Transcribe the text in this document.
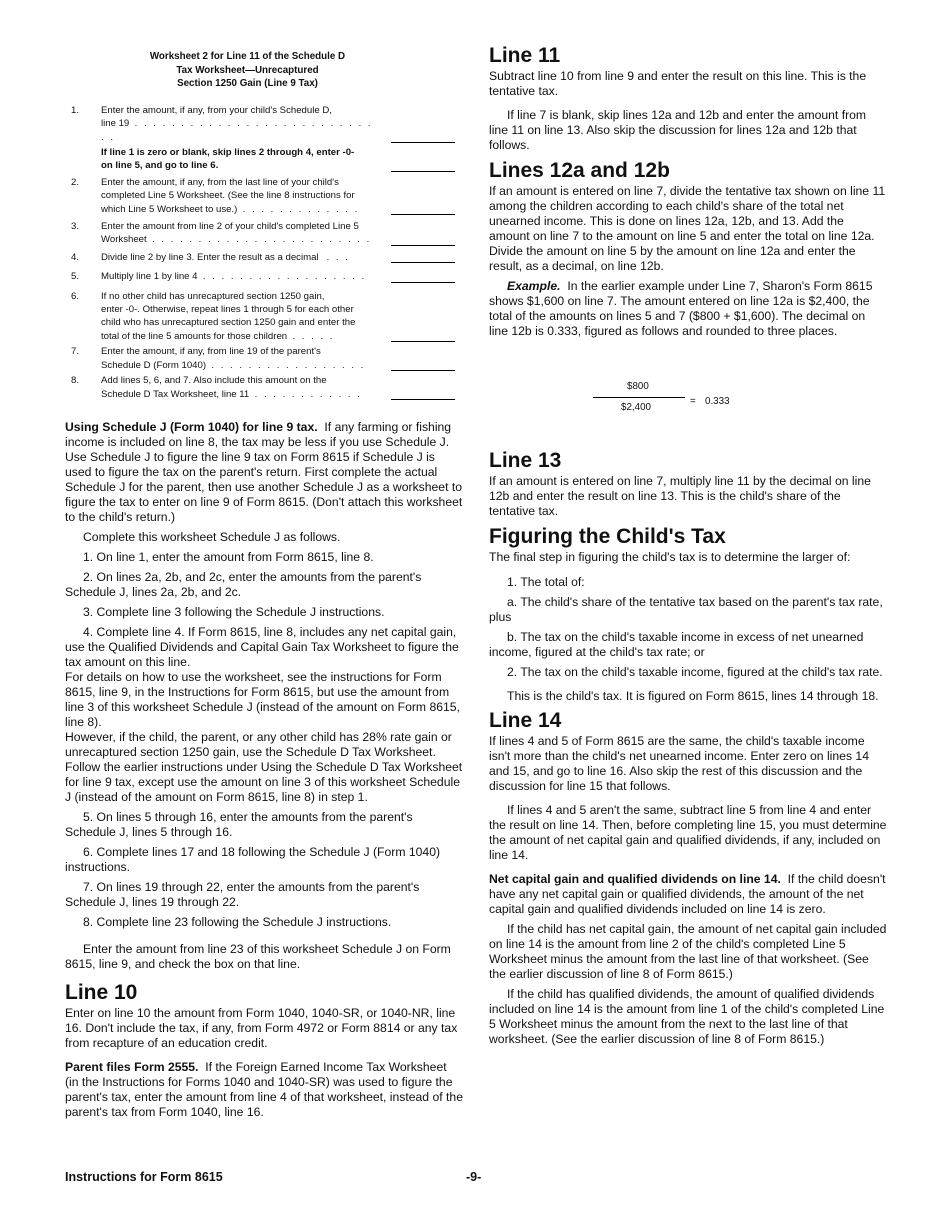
Worksheet 2 for Line 11 of the Schedule D
Tax Worksheet—Unrecaptured
Section 1250 Gain (Line 9 Tax)
1. Enter the amount, if any, from your child's Schedule D,
line 19 . . . . . . . . . . . . . . . . . . . . . . . . . . . .
If line 1 is zero or blank, skip lines 2 through 4, enter -0-
on line 5, and go to line 6.
2. Enter the amount, if any, from the last line of your child's
completed Line 5 Worksheet. (See the line 8 instructions for
which Line 5 Worksheet to use.) . . . . . . . . . . . . .
3. Enter the amount from line 2 of your child's completed Line 5
Worksheet . . . . . . . . . . . . . . . . . . . . . . . .
4. Divide line 2 by line 3. Enter the result as a decimal . . .
5. Multiply line 1 by line 4 . . . . . . . . . . . . . . . . . .
6. If no other child has unrecaptured section 1250 gain,
enter -0-. Otherwise, repeat lines 1 through 5 for each other
child who has unrecaptured section 1250 gain and enter the
total of the line 5 amounts for those children . . . . .
7. Enter the amount, if any, from line 19 of the parent's
Schedule D (Form 1040) . . . . . . . . . . . . . . . . .
8. Add lines 5, 6, and 7. Also include this amount on the
Schedule D Tax Worksheet, line 11 . . . . . . . . . . . .

Using Schedule J (Form 1040) for line 9 tax. If any farming or fishing income is included on line 8, the tax may be less if you use Schedule J. Use Schedule J to figure the line 9 tax on Form 8615 if Schedule J is used to figure the tax on the parent's return. First complete the actual Schedule J for the parent, then use another Schedule J as a worksheet to figure the tax to enter on line 9 of Form 8615. (Don't attach this worksheet to the child's return.)

Complete this worksheet Schedule J as follows.

1. On line 1, enter the amount from Form 8615, line 8.

2. On lines 2a, 2b, and 2c, enter the amounts from the parent's Schedule J, lines 2a, 2b, and 2c.

3. Complete line 3 following the Schedule J instructions.

4. Complete line 4. If Form 8615, line 8, includes any net capital gain, use the Qualified Dividends and Capital Gain Tax Worksheet to figure the tax amount on this line.

For details on how to use the worksheet, see the instructions for Form 8615, line 9, in the Instructions for Form 8615, but use the amount from line 3 of this worksheet Schedule J (instead of the amount on Form 8615, line 8).

However, if the child, the parent, or any other child has 28% rate gain or unrecaptured section 1250 gain, use the Schedule D Tax Worksheet. Follow the earlier instructions under Using the Schedule D Tax Worksheet for line 9 tax, except use the amount on line 3 of this worksheet Schedule J (instead of the amount on Form 8615, line 8) in step 1.

5. On lines 5 through 16, enter the amounts from the parent's Schedule J, lines 5 through 16.

6. Complete lines 17 and 18 following the Schedule J (Form 1040) instructions.

7. On lines 19 through 22, enter the amounts from the parent's Schedule J, lines 19 through 22.

8. Complete line 23 following the Schedule J instructions.

Enter the amount from line 23 of this worksheet Schedule J on Form 8615, line 9, and check the box on that line.

Line 10

Enter on line 10 the amount from Form 1040, 1040-SR, or 1040-NR, line 16. Don't include the tax, if any, from Form 4972 or Form 8814 or any tax from recapture of an education credit.

Parent files Form 2555. If the Foreign Earned Income Tax Worksheet (in the Instructions for Forms 1040 and 1040-SR) was used to figure the parent's tax, enter the amount from line 4 of that worksheet, instead of the parent's tax from Form 1040, line 16.

Line 11

Subtract line 10 from line 9 and enter the result on this line. This is the tentative tax.

If line 7 is blank, skip lines 12a and 12b and enter the amount from line 11 on line 13. Also skip the discussion for lines 12a and 12b that follows.

Lines 12a and 12b

If an amount is entered on line 7, divide the tentative tax shown on line 11 among the children according to each child's share of the total net unearned income. This is done on lines 12a, 12b, and 13. Add the amount on line 7 to the amount on line 5 and enter the total on line 12a. Divide the amount on line 5 by the amount on line 12a and enter the result, as a decimal, on line 12b.

Example. In the earlier example under Line 7, Sharon's Form 8615 shows $1,600 on line 7. The amount entered on line 12a is $2,400, the total of the amounts on lines 5 and 7 ($800 + $1,600). The decimal on line 12b is 0.333, figured as follows and rounded to three places.

$800
$2,400
= 0.333
Line 13

If an amount is entered on line 7, multiply line 11 by the decimal on line 12b and enter the result on line 13. This is the child's share of the tentative tax.

Figuring the Child's Tax

The final step in figuring the child's tax is to determine the larger of:

1. The total of:

a. The child's share of the tentative tax based on the parent's tax rate, plus

b. The tax on the child's taxable income in excess of net unearned income, figured at the child's tax rate; or

2. The tax on the child's taxable income, figured at the child's tax rate.

This is the child's tax. It is figured on Form 8615, lines 14 through 18.

Line 14

If lines 4 and 5 of Form 8615 are the same, the child's taxable income isn't more than the child's net unearned income. Enter zero on lines 14 and 15, and go to line 16. Also skip the rest of this discussion and the discussion for line 15 that follows.

If lines 4 and 5 aren't the same, subtract line 5 from line 4 and enter the result on line 14. Then, before completing line 15, you must determine the amount of net capital gain and qualified dividends, if any, included on line 14.

Net capital gain and qualified dividends on line 14. If the child doesn't have any net capital gain or qualified dividends, the amount of the net capital gain and qualified dividends included on line 14 is zero.

If the child has net capital gain, the amount of net capital gain included on line 14 is the amount from line 2 of the child's completed Line 5 Worksheet minus the amount from the last line of that worksheet. (See the earlier discussion of line 8 of Form 8615.)

If the child has qualified dividends, the amount of qualified dividends included on line 14 is the amount from line 1 of the child's completed Line 5 Worksheet minus the amount from the next to the last line of that worksheet. (See the earlier discussion of line 8 of Form 8615.)

Instructions for Form 8615	-9-
